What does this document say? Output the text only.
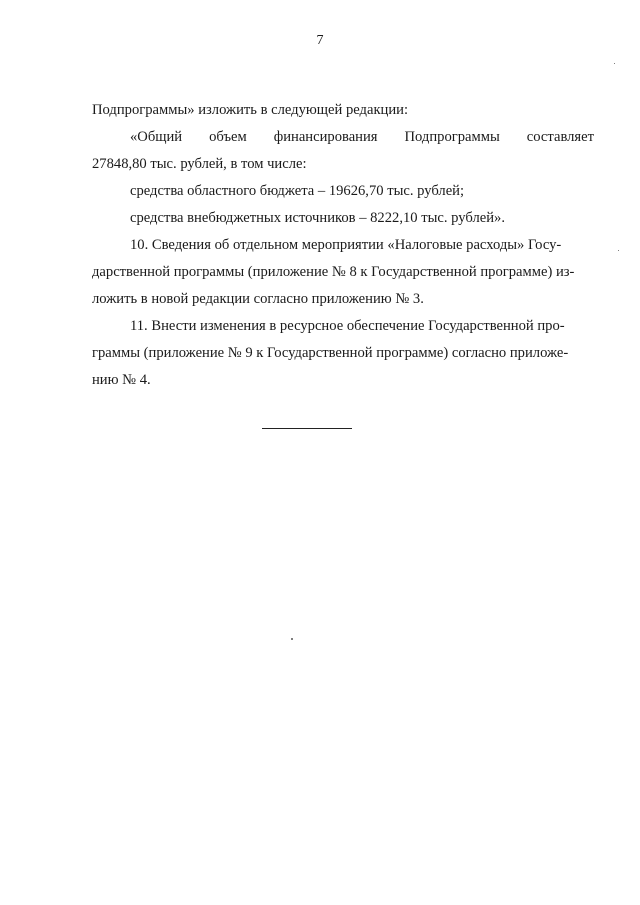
7
Подпрограммы» изложить в следующей редакции:
«Общий объем финансирования Подпрограммы составляет
27848,80 тыс. рублей, в том числе:
средства областного бюджета – 19626,70 тыс. рублей;
средства внебюджетных источников – 8222,10 тыс. рублей».
10. Сведения об отдельном мероприятии «Налоговые расходы» Госу-
дарственной программы (приложение № 8 к Государственной программе) из-
ложить в новой редакции согласно приложению № 3.
11. Внести изменения в ресурсное обеспечение Государственной про-
граммы (приложение № 9 к Государственной программе) согласно приложе-
нию № 4.
